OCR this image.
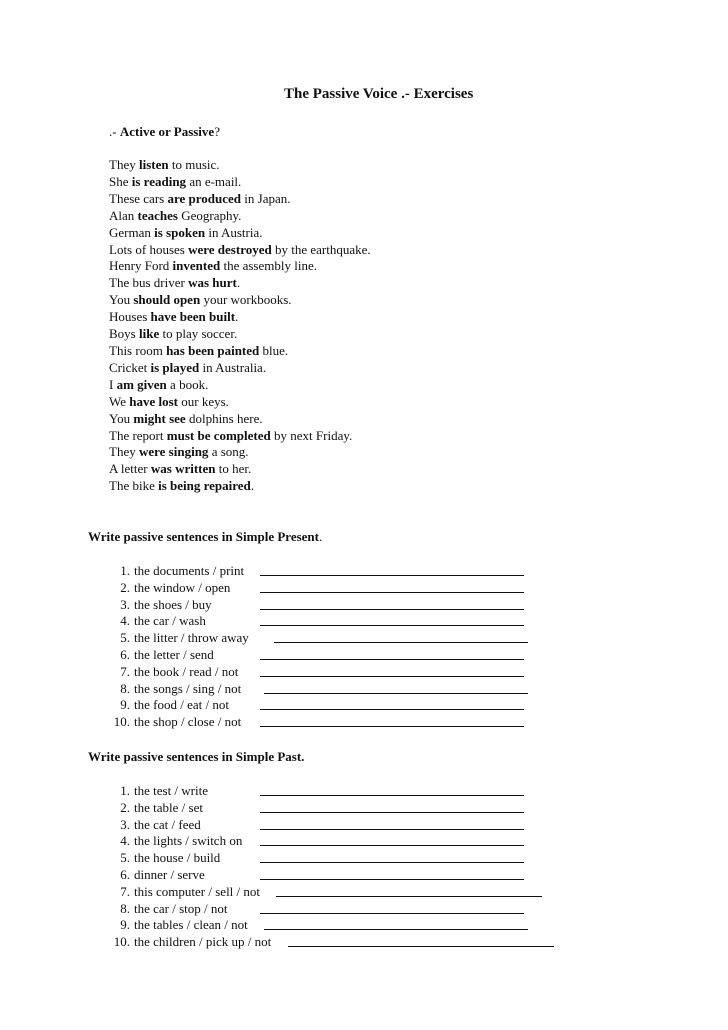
The Passive Voice .- Exercises
.- Active or Passive?
They listen to music.
She is reading an e-mail.
These cars are produced in Japan.
Alan teaches Geography.
German is spoken in Austria.
Lots of houses were destroyed by the earthquake.
Henry Ford invented the assembly line.
The bus driver was hurt.
You should open your workbooks.
Houses have been built.
Boys like to play soccer.
This room has been painted blue.
Cricket is played in Australia.
I am given a book.
We have lost our keys.
You might see dolphins here.
The report must be completed by next Friday.
They were singing a song.
A letter was written to her.
The bike is being repaired.
Write passive sentences in Simple Present.
1. the documents / print
2. the window / open
3. the shoes / buy
4. the car / wash
5. the litter / throw away
6. the letter / send
7. the book / read / not
8. the songs / sing / not
9. the food / eat / not
10. the shop / close / not
Write passive sentences in Simple Past.
1. the test / write
2. the table / set
3. the cat / feed
4. the lights / switch on
5. the house / build
6. dinner / serve
7. this computer / sell / not
8. the car / stop / not
9. the tables / clean / not
10. the children / pick up / not
